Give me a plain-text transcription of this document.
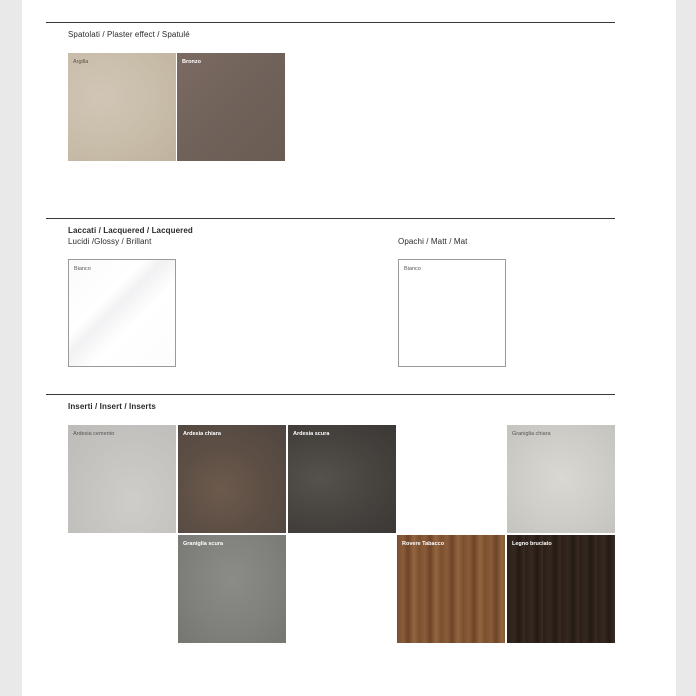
Spatolati / Plaster effect / Spatulé
Argilla	Bronzo
Laccati / Lacquered / Lacquered
Lucidi /Glossy / Brillant	Opachi / Matt / Mat
Bianco	Bianco
Inserti / Insert / Inserts
Ardesia cemento	Ardesia chiara	Ardesia scura	Graniglia chiara
Graniglia scura	Rovere Tabacco	Legno bruciato
